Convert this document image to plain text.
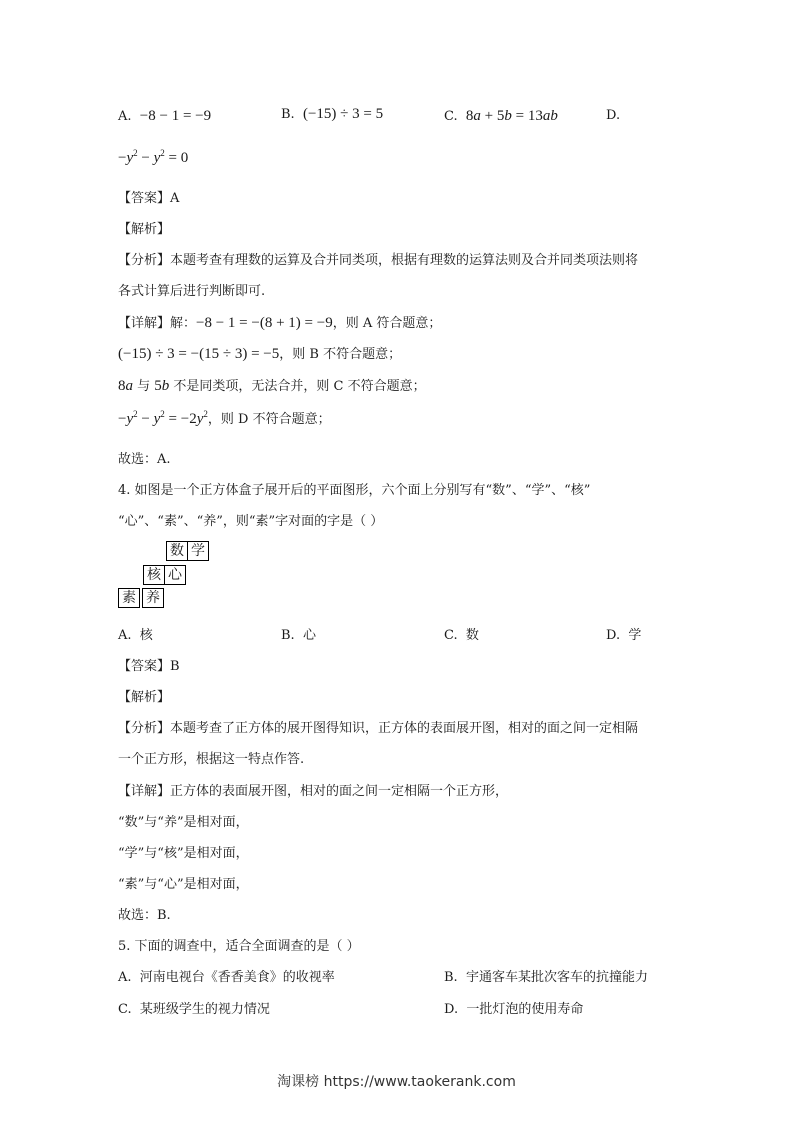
A. −8 − 1 = −9	B. (−15) ÷ 3 = 5	C. 8a + 5b = 13ab	D.
$-y^2 - y^2 = 0$
【答案】A
【解析】
【分析】本题考查有理数的运算及合并同类项，根据有理数的运算法则及合并同类项法则将
各式计算后进行判断即可.
【详解】解：−8 − 1 = −(8 + 1) = −9，则 A 符合题意；
(−15) ÷ 3 = −(15 ÷ 3) = −5，则 B 不符合题意；
8a 与 5b 不是同类项，无法合并，则 C 不符合题意；
$-y^2 - y^2 = -2y^2$，则 D 不符合题意；
故选：A.
4. 如图是一个正方体盒子展开后的平面图形，六个面上分别写有“数”、“学”、“核”
“心”、“素”、“养”，则“素”字对面的字是（ ）
数 学
核 心
素 养
A. 核	B. 心	C. 数	D. 学
【答案】B
【解析】
【分析】本题考查了正方体的展开图得知识，正方体的表面展开图，相对的面之间一定相隔
一个正方形，根据这一特点作答.
【详解】正方体的表面展开图，相对的面之间一定相隔一个正方形，
“数”与“养”是相对面，
“学”与“核”是相对面，
“素”与“心”是相对面，
故选：B.
5. 下面的调查中，适合全面调查的是（ ）
A. 河南电视台《香香美食》的收视率	B. 宇通客车某批次客车的抗撞能力
C. 某班级学生的视力情况	D. 一批灯泡的使用寿命
淘课榜 https://www.taokerank.com
